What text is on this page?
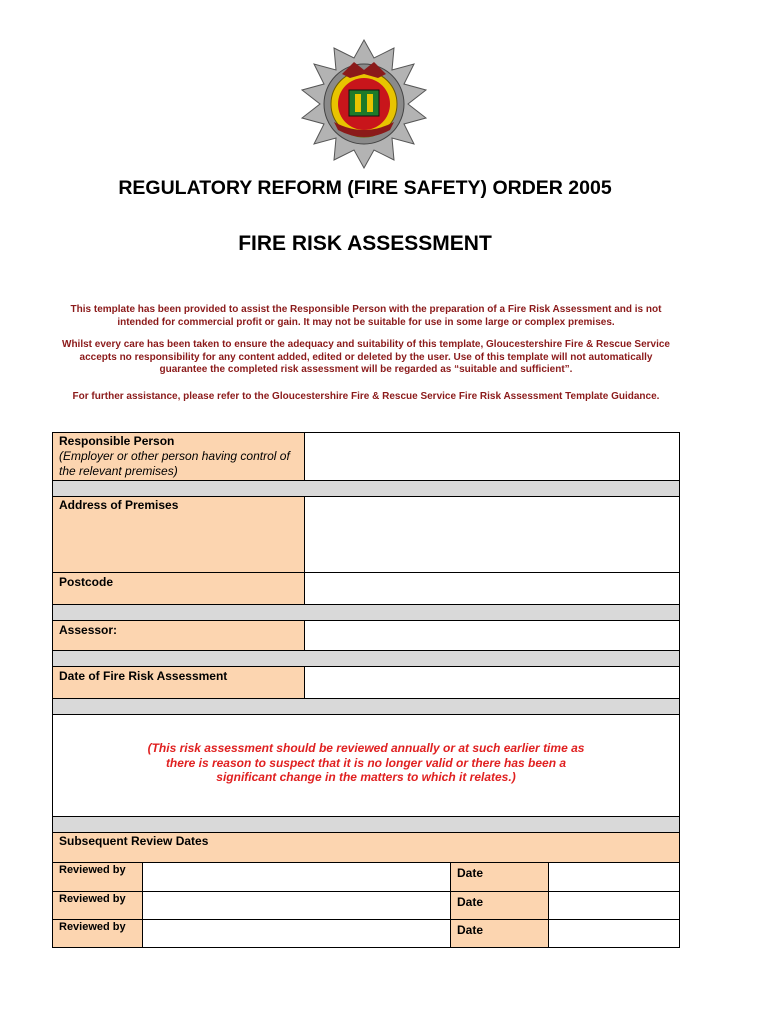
REGULATORY REFORM (FIRE SAFETY) ORDER 2005
FIRE RISK ASSESSMENT
This template has been provided to assist the Responsible Person with the preparation of a Fire Risk Assessment and is not intended for commercial profit or gain. It may not be suitable for use in some large or complex premises.
Whilst every care has been taken to ensure the adequacy and suitability of this template, Gloucestershire Fire & Rescue Service accepts no responsibility for any content added, edited or deleted by the user. Use of this template will not automatically guarantee the completed risk assessment will be regarded as “suitable and sufficient”.
For further assistance, please refer to the Gloucestershire Fire & Rescue Service Fire Risk Assessment Template Guidance.
Responsible Person
(Employer or other person having control of the relevant premises)
Address of Premises
Postcode
Assessor:
Date of Fire Risk Assessment
(This risk assessment should be reviewed annually or at such earlier time as there is reason to suspect that it is no longer valid or there has been a significant change in the matters to which it relates.)
Subsequent Review Dates
Reviewed by	Date
Reviewed by	Date
Reviewed by	Date
